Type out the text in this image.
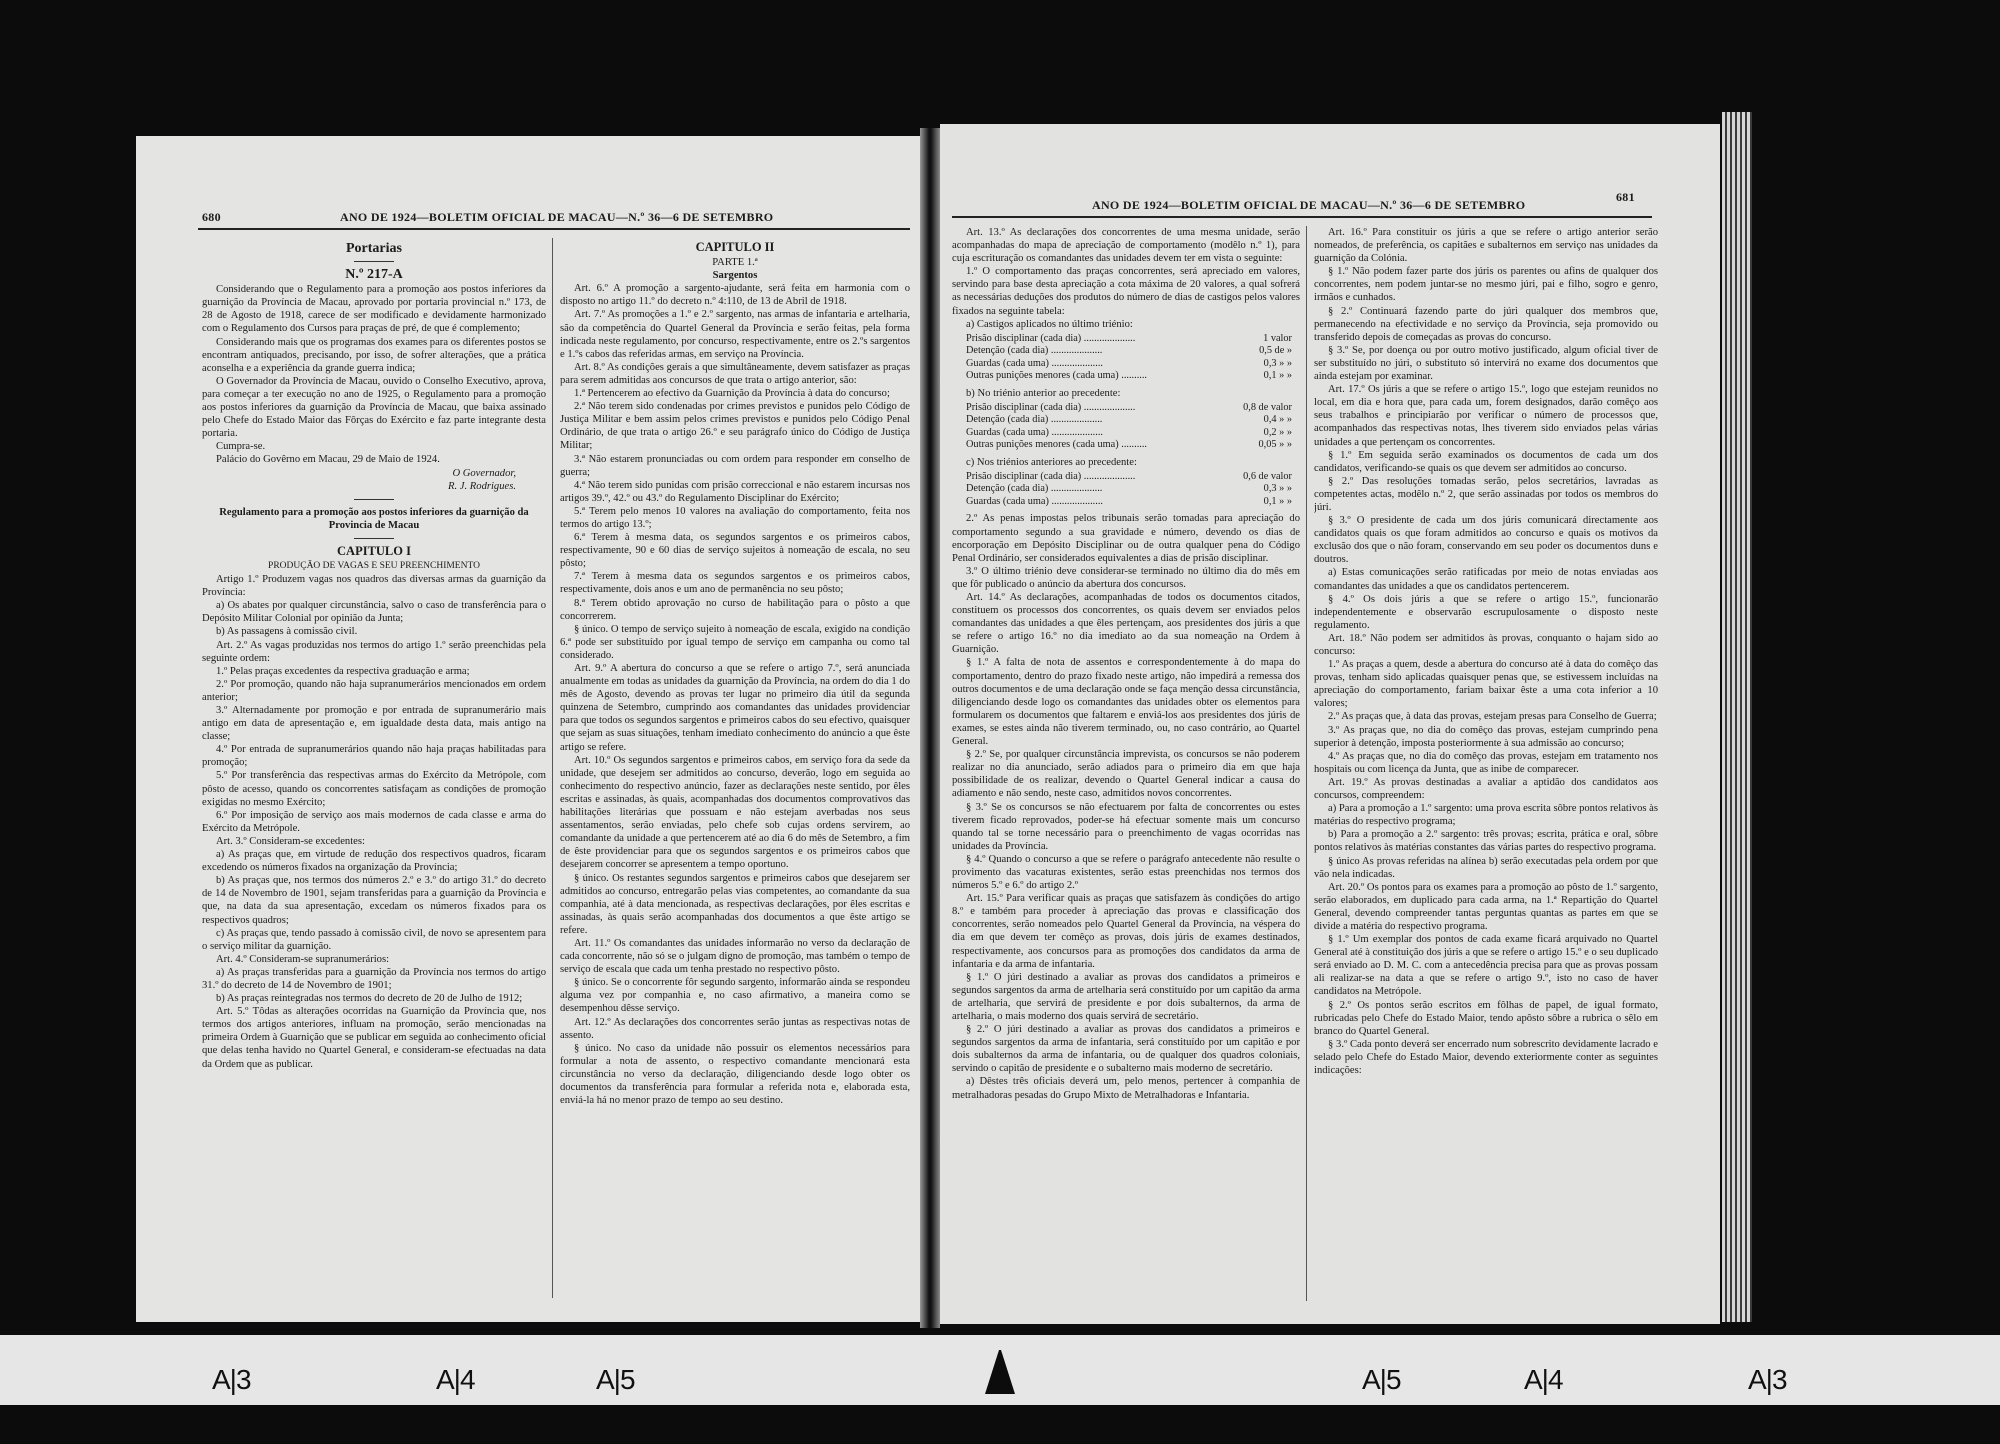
680	ANO DE 1924—BOLETIM OFICIAL DE MACAU—N.º 36—6 DE SETEMBRO
Portarias
N.º 217-A

Considerando que o Regulamento para a promoção aos postos inferiores da guarnição da Província de Macau, aprovado por portaria provincial n.º 173, de 28 de Agosto de 1918, carece de ser modificado e devidamente harmonizado com o Regulamento dos Cursos para praças de pré, de que é complemento;

Considerando mais que os programas dos exames para os diferentes postos se encontram antiquados, precisando, por isso, de sofrer alterações, que a prática aconselha e a experiência da grande guerra indica;

O Governador da Província de Macau, ouvido o Conselho Executivo, aprova, para começar a ter execução no ano de 1925, o Regulamento para a promoção aos postos inferiores da guarnição da Província de Macau, que baixa assinado pelo Chefe do Estado Maior das Fôrças do Exército e faz parte integrante desta portaria.

Cumpra-se.

Palácio do Govêrno em Macau, 29 de Maio de 1924.

O Governador,

R. J. Rodrigues.

Regulamento para a promoção aos postos inferiores da guarnição da Provincia de Macau

CAPITULO I

PRODUÇÃO DE VAGAS E SEU PREENCHIMENTO

Artigo 1.º Produzem vagas nos quadros das diversas armas da guarnição da Província:

a) Os abates por qualquer circunstância, salvo o caso de transferência para o Depósito Militar Colonial por opinião da Junta;

b) As passagens à comissão civil.

Art. 2.º As vagas produzidas nos termos do artigo 1.º serão preenchidas pela seguinte ordem:

1.º Pelas praças excedentes da respectiva graduação e arma;

2.º Por promoção, quando não haja supranumerários mencionados em ordem anterior;

3.º Alternadamente por promoção e por entrada de supranumerário mais antigo em data de apresentação e, em igualdade desta data, mais antigo na classe;

4.º Por entrada de supranumerários quando não haja praças habilitadas para promoção;

5.º Por transferência das respectivas armas do Exército da Metrópole, com pôsto de acesso, quando os concorrentes satisfaçam as condições de promoção exigidas no mesmo Exército;

6.º Por imposição de serviço aos mais modernos de cada classe e arma do Exército da Metrópole.

Art. 3.º Consideram-se excedentes:

a) As praças que, em virtude de redução dos respectivos quadros, ficaram excedendo os números fixados na organização da Província;

b) As praças que, nos termos dos números 2.º e 3.º do artigo 31.º do decreto de 14 de Novembro de 1901, sejam transferidas para a guarnição da Província e que, na data da sua apresentação, excedam os números fixados para os respectivos quadros;

c) As praças que, tendo passado à comissão civil, de novo se apresentem para o serviço militar da guarnição.

Art. 4.º Consideram-se supranumerários:

a) As praças transferidas para a guarnição da Província nos termos do artigo 31.º do decreto de 14 de Novembro de 1901;

b) As praças reintegradas nos termos do decreto de 20 de Julho de 1912;

Art. 5.º Tôdas as alterações ocorridas na Guarnição da Província que, nos termos dos artigos anteriores, influam na promoção, serão mencionadas na primeira Ordem à Guarnição que se publicar em seguida ao conhecimento oficial que delas tenha havido no Quartel General, e consideram-se efectuadas na data da Ordem que as publicar.

CAPITULO II

PARTE 1.ª

Sargentos

Art. 6.º A promoção a sargento-ajudante, será feita em harmonia com o disposto no artigo 11.º do decreto n.º 4:110, de 13 de Abril de 1918.

Art. 7.º As promoções a 1.º e 2.º sargento, nas armas de infantaria e artelharia, são da competência do Quartel General da Província e serão feitas, pela forma indicada neste regulamento, por concurso, respectivamente, entre os 2.ºs sargentos e 1.ºs cabos das referidas armas, em serviço na Província.

Art. 8.º As condições gerais a que simultâneamente, devem satisfazer as praças para serem admitidas aos concursos de que trata o artigo anterior, são:

1.ª Pertencerem ao efectivo da Guarnição da Província à data do concurso;

2.ª Não terem sido condenadas por crimes previstos e punidos pelo Código de Justiça Militar e bem assim pelos crimes previstos e punidos pelo Código Penal Ordinário, de que trata o artigo 26.º e seu parágrafo único do Código de Justiça Militar;

3.ª Não estarem pronunciadas ou com ordem para responder em conselho de guerra;

4.ª Não terem sido punidas com prisão correccional e não estarem incursas nos artigos 39.º, 42.º ou 43.º do Regulamento Disciplinar do Exército;

5.ª Terem pelo menos 10 valores na avaliação do comportamento, feita nos termos do artigo 13.º;

6.ª Terem à mesma data, os segundos sargentos e os primeiros cabos, respectivamente, 90 e 60 dias de serviço sujeitos à nomeação de escala, no seu pôsto;

7.ª Terem à mesma data os segundos sargentos e os primeiros cabos, respectivamente, dois anos e um ano de permanência no seu pôsto;

8.ª Terem obtido aprovação no curso de habilitação para o pôsto a que concorrerem.

§ único. O tempo de serviço sujeito à nomeação de escala, exigido na condição 6.ª pode ser substituído por igual tempo de serviço em campanha ou como tal considerado.

Art. 9.º A abertura do concurso a que se refere o artigo 7.º, será anunciada anualmente em todas as unidades da guarnição da Província, na ordem do dia 1 do mês de Agosto, devendo as provas ter lugar no primeiro dia útil da segunda quinzena de Setembro, cumprindo aos comandantes das unidades providenciar para que todos os segundos sargentos e primeiros cabos do seu efectivo, quaisquer que sejam as suas situações, tenham imediato conhecimento do anúncio a que êste artigo se refere.

Art. 10.º Os segundos sargentos e primeiros cabos, em serviço fora da sede da unidade, que desejem ser admitidos ao concurso, deverão, logo em seguida ao conhecimento do respectivo anúncio, fazer as declarações neste sentido, por êles escritas e assinadas, às quais, acompanhadas dos documentos comprovativos das habilitações literárias que possuam e não estejam averbadas nos seus assentamentos, serão enviadas, pelo chefe sob cujas ordens servirem, ao comandante da unidade a que pertencerem até ao dia 6 do mês de Setembro, a fim de êste providenciar para que os segundos sargentos e os primeiros cabos que desejarem concorrer se apresentem a tempo oportuno.

§ único. Os restantes segundos sargentos e primeiros cabos que desejarem ser admitidos ao concurso, entregarão pelas vias competentes, ao comandante da sua companhia, até à data mencionada, as respectivas declarações, por êles escritas e assinadas, às quais serão acompanhadas dos documentos a que êste artigo se refere.

Art. 11.º Os comandantes das unidades informarão no verso da declaração de cada concorrente, não só se o julgam digno de promoção, mas também o tempo de serviço de escala que cada um tenha prestado no respectivo pôsto.

§ único. Se o concorrente fôr segundo sargento, informarão ainda se respondeu alguma vez por companhia e, no caso afirmativo, a maneira como se desempenhou dêsse serviço.

Art. 12.º As declarações dos concorrentes serão juntas as respectivas notas de assento.

§ único. No caso da unidade não possuir os elementos necessários para formular a nota de assento, o respectivo comandante mencionará esta circunstância no verso da declaração, diligenciando desde logo obter os documentos da transferência para formular a referida nota e, elaborada esta, enviá-la há no menor prazo de tempo ao seu destino.

ANO DE 1924—BOLETIM OFICIAL DE MACAU—N.º 36—6 DE SETEMBRO
681

Art. 13.º As declarações dos concorrentes de uma mesma unidade, serão acompanhadas do mapa de apreciação de comportamento (modêlo n.º 1), para cuja escrituração os comandantes das unidades devem ter em vista o seguinte:

1.º O comportamento das praças concorrentes, será apreciado em valores, servindo para base desta apreciação a cota máxima de 20 valores, a qual sofrerá as necessárias deduções dos produtos do número de dias de castigos pelos valores fixados na seguinte tabela:

a) Castigos aplicados no último triénio:

Prisão disciplinar (cada dia) ....................	1 valor
Detenção (cada dia) ....................	0,5 de »
Guardas (cada uma) ....................	0,3 » »
Outras punições menores (cada uma) ..........	0,1 » »

b) No triénio anterior ao precedente:

Prisão disciplinar (cada dia) ....................	0,8 de valor
Detenção (cada dia) ....................	0,4 » »
Guardas (cada uma) ....................	0,2 » »
Outras punições menores (cada uma) ..........	0,05 » »

c) Nos triénios anteriores ao precedente:

Prisão disciplinar (cada dia) ....................	0,6 de valor
Detenção (cada dia) ....................	0,3 » »
Guardas (cada uma) ....................	0,1 » »

2.º As penas impostas pelos tribunais serão tomadas para apreciação do comportamento segundo a sua gravidade e número, devendo os dias de encorporação em Depósito Disciplinar ou de outra qualquer pena do Código Penal Ordinário, ser considerados equivalentes a dias de prisão disciplinar.

3.º O último triénio deve considerar-se terminado no último dia do mês em que fôr publicado o anúncio da abertura dos concursos.

Art. 14.º As declarações, acompanhadas de todos os documentos citados, constituem os processos dos concorrentes, os quais devem ser enviados pelos comandantes das unidades a que êles pertençam, aos presidentes dos júris a que se refere o artigo 16.º no dia imediato ao da sua nomeação na Ordem à Guarnição.

§ 1.º A falta de nota de assentos e correspondentemente à do mapa do comportamento, dentro do prazo fixado neste artigo, não impedirá a remessa dos outros documentos e de uma declaração onde se faça menção dessa circunstância, diligenciando desde logo os comandantes das unidades obter os elementos para formularem os documentos que faltarem e enviá-los aos presidentes dos júris de exames, se estes ainda não tiverem terminado, ou, no caso contrário, ao Quartel General.

§ 2.º Se, por qualquer circunstância imprevista, os concursos se não poderem realizar no dia anunciado, serão adiados para o primeiro dia em que haja possibilidade de os realizar, devendo o Quartel General indicar a causa do adiamento e não sendo, neste caso, admitidos novos concorrentes.

§ 3.º Se os concursos se não efectuarem por falta de concorrentes ou estes tiverem ficado reprovados, poder-se há efectuar somente mais um concurso quando tal se torne necessário para o preenchimento de vagas ocorridas nas unidades da Província.

§ 4.º Quando o concurso a que se refere o parágrafo antecedente não resulte o provimento das vacaturas existentes, serão estas preenchidas nos termos dos números 5.º e 6.º do artigo 2.º

Art. 15.º Para verificar quais as praças que satisfazem às condições do artigo 8.º e também para proceder à apreciação das provas e classificação dos concorrentes, serão nomeados pelo Quartel General da Província, na véspera do dia em que devem ter comêço as provas, dois júris de exames destinados, respectivamente, aos concursos para as promoções dos candidatos da arma de infantaria e da arma de infantaria.

§ 1.º O júri destinado a avaliar as provas dos candidatos a primeiros e segundos sargentos da arma de artelharia será constituído por um capitão da arma de artelharia, que servirá de presidente e por dois subalternos, da arma de artelharia, o mais moderno dos quais servirá de secretário.

§ 2.º O júri destinado a avaliar as provas dos candidatos a primeiros e segundos sargentos da arma de infantaria, será constituído por um capitão e por dois subalternos da arma de infantaria, ou de qualquer dos quadros coloniais, servindo o capitão de presidente e o subalterno mais moderno de secretário.

a) Dêstes três oficiais deverá um, pelo menos, pertencer à companhia de metralhadoras pesadas do Grupo Mixto de Metralhadoras e Infantaria.

Art. 16.º Para constituir os júris a que se refere o artigo anterior serão nomeados, de preferência, os capitães e subalternos em serviço nas unidades da guarnição da Colónia.

§ 1.º Não podem fazer parte dos júris os parentes ou afins de qualquer dos concorrentes, nem podem juntar-se no mesmo júri, pai e filho, sogro e genro, irmãos e cunhados.

§ 2.º Continuará fazendo parte do júri qualquer dos membros que, permanecendo na efectividade e no serviço da Província, seja promovido ou transferido depois de começadas as provas do concurso.

§ 3.º Se, por doença ou por outro motivo justificado, algum oficial tiver de ser substituído no júri, o substituto só intervirá no exame dos documentos que ainda estejam por examinar.

Art. 17.º Os júris a que se refere o artigo 15.º, logo que estejam reunidos no local, em dia e hora que, para cada um, forem designados, darão comêço aos seus trabalhos e principiarão por verificar o número de processos que, acompanhados das respectivas notas, lhes tiverem sido enviados pelas várias unidades a que pertençam os concorrentes.

§ 1.º Em seguida serão examinados os documentos de cada um dos candidatos, verificando-se quais os que devem ser admitidos ao concurso.

§ 2.º Das resoluções tomadas serão, pelos secretários, lavradas as competentes actas, modêlo n.º 2, que serão assinadas por todos os membros do júri.

§ 3.º O presidente de cada um dos júris comunicará directamente aos candidatos quais os que foram admitidos ao concurso e quais os motivos da exclusão dos que o não foram, conservando em seu poder os documentos duns e doutros.

a) Estas comunicações serão ratificadas por meio de notas enviadas aos comandantes das unidades a que os candidatos pertencerem.

§ 4.º Os dois júris a que se refere o artigo 15.º, funcionarão independentemente e observarão escrupulosamente o disposto neste regulamento.

Art. 18.º Não podem ser admitidos às provas, conquanto o hajam sido ao concurso:

1.º As praças a quem, desde a abertura do concurso até à data do comêço das provas, tenham sido aplicadas quaisquer penas que, se estivessem incluídas na apreciação do comportamento, fariam baixar êste a uma cota inferior a 10 valores;

2.º As praças que, à data das provas, estejam presas para Conselho de Guerra;

3.º As praças que, no dia do comêço das provas, estejam cumprindo pena superior à detenção, imposta posteriormente à sua admissão ao concurso;

4.º As praças que, no dia do comêço das provas, estejam em tratamento nos hospitais ou com licença da Junta, que as inibe de comparecer.

Art. 19.º As provas destinadas a avaliar a aptidão dos candidatos aos concursos, compreendem:

a) Para a promoção a 1.º sargento: uma prova escrita sôbre pontos relativos às matérias do respectivo programa;

b) Para a promoção a 2.º sargento: três provas; escrita, prática e oral, sôbre pontos relativos às matérias constantes das várias partes do respectivo programa.

§ único As provas referidas na alínea b) serão executadas pela ordem por que vão nela indicadas.

Art. 20.º Os pontos para os exames para a promoção ao pôsto de 1.º sargento, serão elaborados, em duplicado para cada arma, na 1.ª Repartição do Quartel General, devendo compreender tantas perguntas quantas as partes em que se divide a matéria do respectivo programa.

§ 1.º Um exemplar dos pontos de cada exame ficará arquivado no Quartel General até à constituição dos júris a que se refere o artigo 15.º e o seu duplicado será enviado ao D. M. C. com a antecedência precisa para que as provas possam ali realizar-se na data a que se refere o artigo 9.º, isto no caso de haver candidatos na Metrópole.

§ 2.º Os pontos serão escritos em fôlhas de papel, de igual formato, rubricadas pelo Chefe do Estado Maior, tendo apôsto sôbre a rubrica o sêlo em branco do Quartel General.

§ 3.º Cada ponto deverá ser encerrado num sobrescrito devidamente lacrado e selado pelo Chefe do Estado Maior, devendo exteriormente conter as seguintes indicações:

A|3	A|4	A|5	A|5	A|4	A|3
